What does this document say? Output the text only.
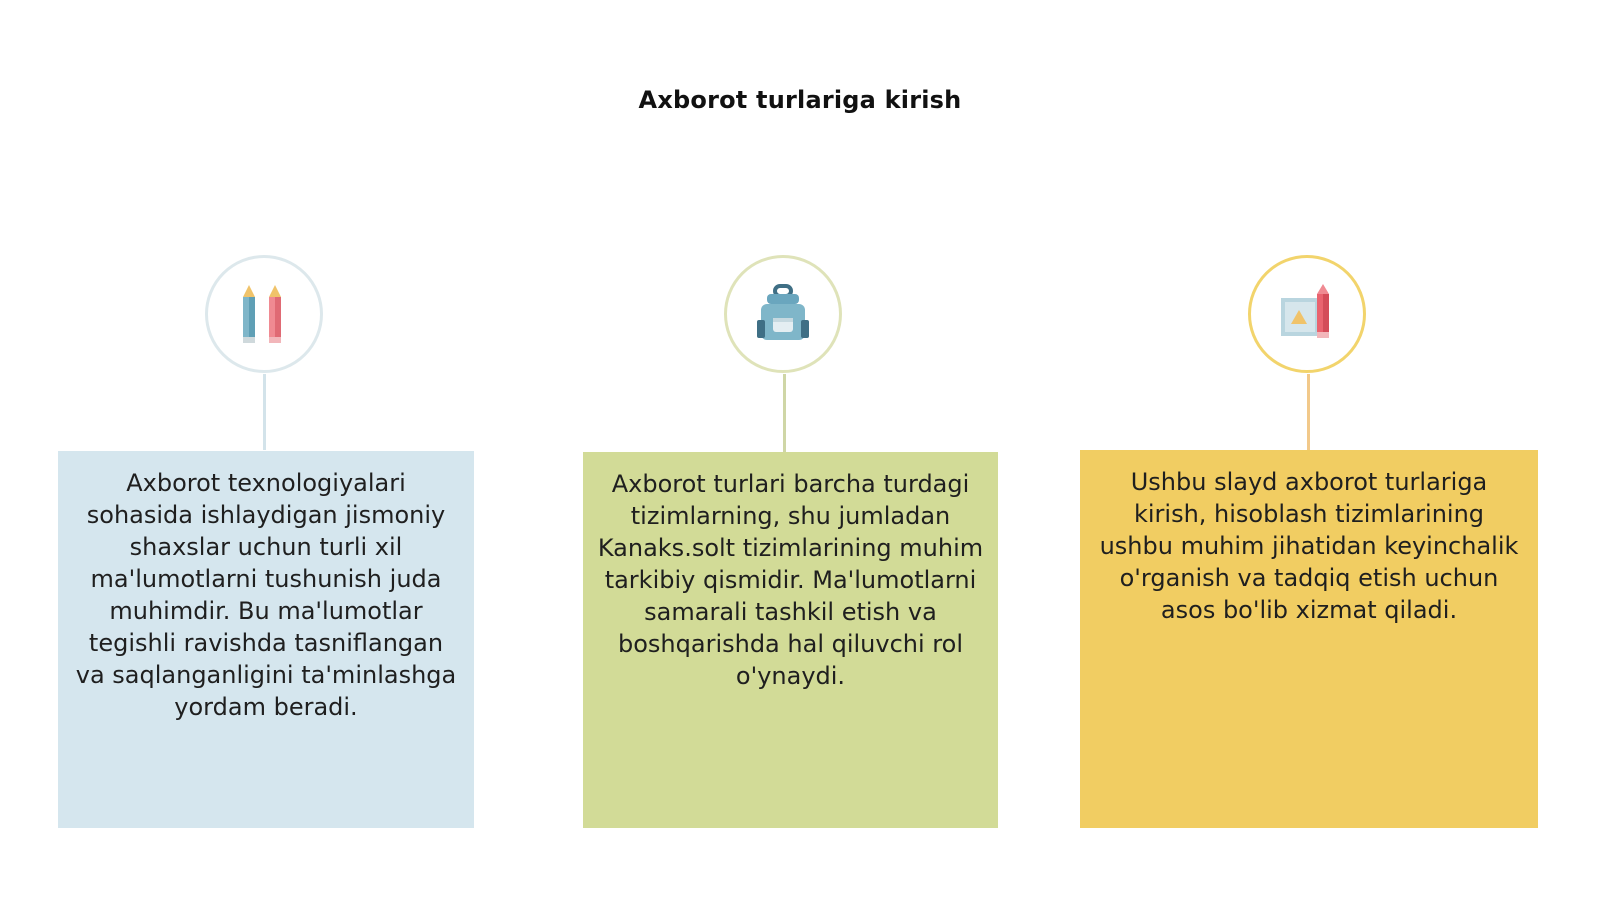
Axborot turlariga kirish
Axborot texnologiyalari sohasida ishlaydigan jismoniy shaxslar uchun turli xil ma'lumotlarni tushunish juda muhimdir. Bu ma'lumotlar tegishli ravishda tasniflangan va saqlanganligini ta'minlashga yordam beradi.
Axborot turlari barcha turdagi tizimlarning, shu jumladan Kanaks.solt tizimlarining muhim tarkibiy qismidir. Ma'lumotlarni samarali tashkil etish va boshqarishda hal qiluvchi rol o'ynaydi.
Ushbu slayd axborot turlariga kirish, hisoblash tizimlarining ushbu muhim jihatidan keyinchalik o'rganish va tadqiq etish uchun asos bo'lib xizmat qiladi.
